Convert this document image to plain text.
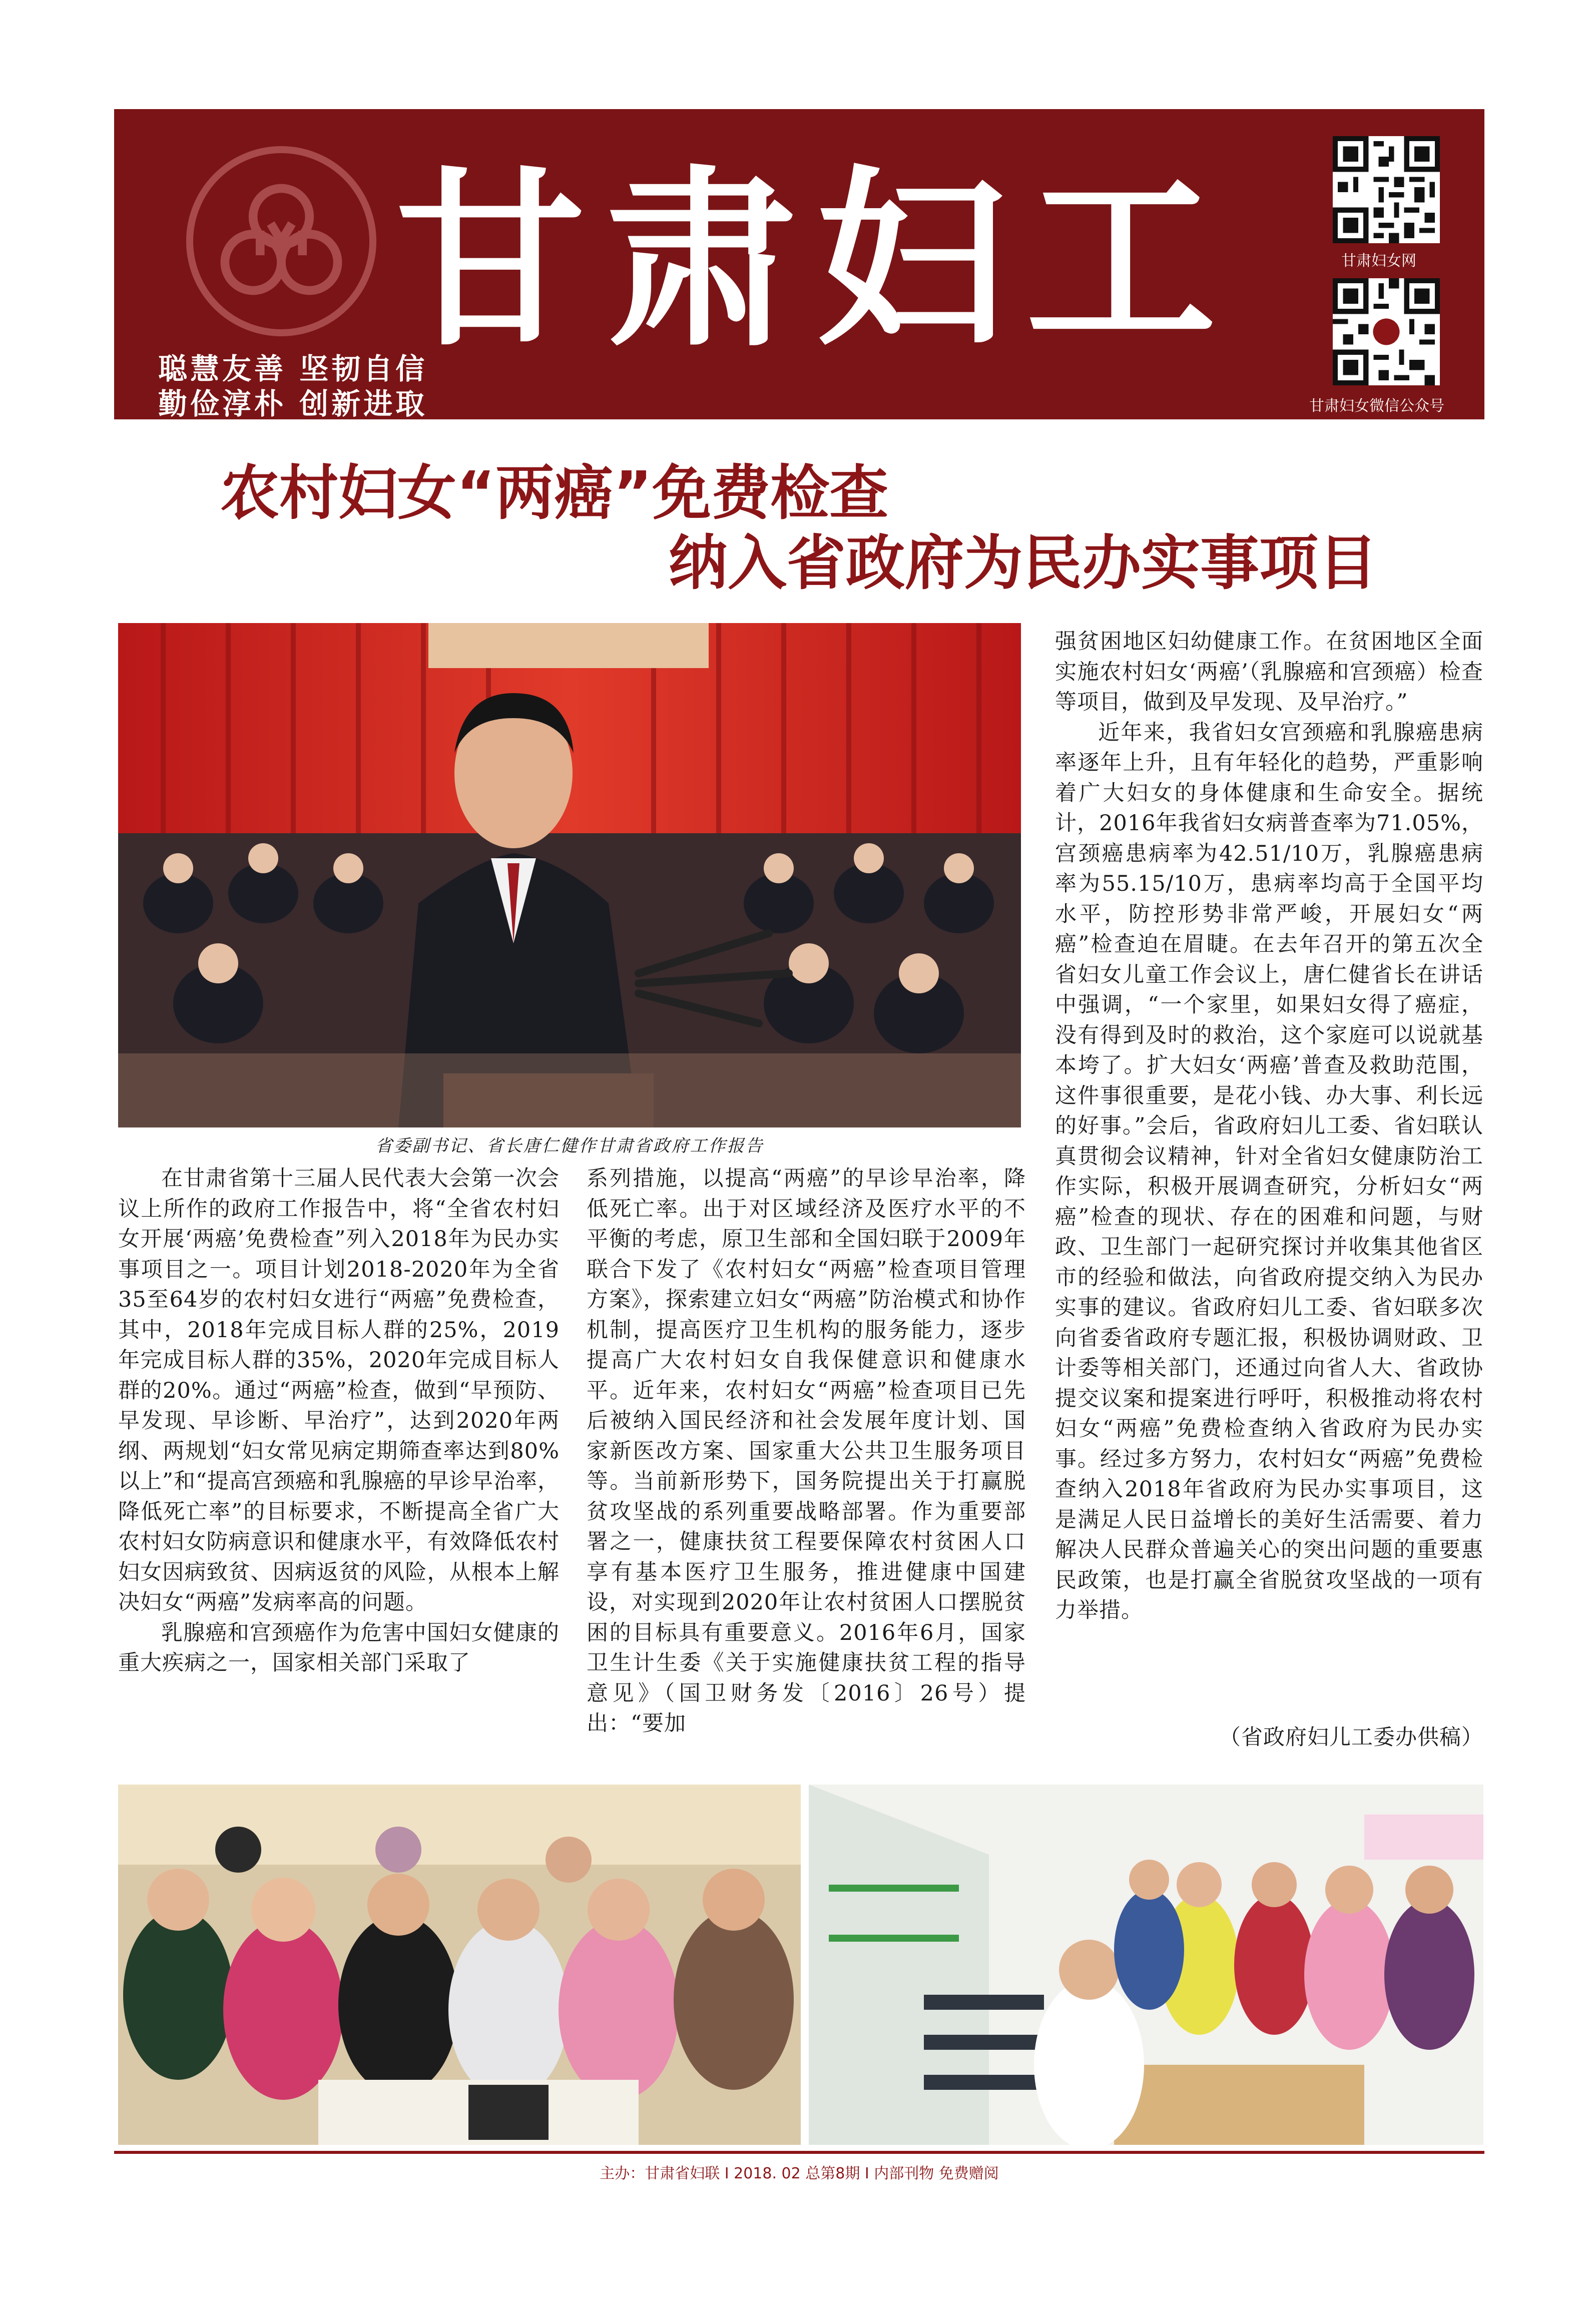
甘肃妇工
聪慧友善 坚韧自信
勤俭淳朴 创新进取
甘肃妇女网
甘肃妇女微信公众号
农村妇女“两癌”免费检查
纳入省政府为民办实事项目
省委副书记、省长唐仁健作甘肃省政府工作报告

在甘肃省第十三届人民代表大会第一次会议上所作的政府工作报告中，将“全省农村妇女开展‘两癌’免费检查”列入2018年为民办实事项目之一。项目计划2018-2020年为全省35至64岁的农村妇女进行“两癌”免费检查，其中，2018年完成目标人群的25%，2019年完成目标人群的35%，2020年完成目标人群的20%。通过“两癌”检查，做到“早预防、早发现、早诊断、早治疗”，达到2020年两纲、两规划“妇女常见病定期筛查率达到80%以上”和“提高宫颈癌和乳腺癌的早诊早治率，降低死亡率”的目标要求，不断提高全省广大农村妇女防病意识和健康水平，有效降低农村妇女因病致贫、因病返贫的风险，从根本上解决妇女“两癌”发病率高的问题。

乳腺癌和宫颈癌作为危害中国妇女健康的重大疾病之一，国家相关部门采取了

系列措施，以提高“两癌”的早诊早治率，降低死亡率。出于对区域经济及医疗水平的不平衡的考虑，原卫生部和全国妇联于2009年联合下发了《农村妇女“两癌”检查项目管理方案》，探索建立妇女“两癌”防治模式和协作机制，提高医疗卫生机构的服务能力，逐步提高广大农村妇女自我保健意识和健康水平。近年来，农村妇女“两癌”检查项目已先后被纳入国民经济和社会发展年度计划、国家新医改方案、国家重大公共卫生服务项目等。当前新形势下，国务院提出关于打赢脱贫攻坚战的系列重要战略部署。作为重要部署之一，健康扶贫工程要保障农村贫困人口享有基本医疗卫生服务，推进健康中国建设，对实现到2020年让农村贫困人口摆脱贫困的目标具有重要意义。2016年6月，国家卫生计生委《关于实施健康扶贫工程的指导意见》（国卫财务发〔2016〕26号）提出：“要加

强贫困地区妇幼健康工作。在贫困地区全面实施农村妇女‘两癌’（乳腺癌和宫颈癌）检查等项目，做到及早发现、及早治疗。”

近年来，我省妇女宫颈癌和乳腺癌患病率逐年上升，且有年轻化的趋势，严重影响着广大妇女的身体健康和生命安全。据统计，2016年我省妇女病普查率为71.05%，宫颈癌患病率为42.51/10万，乳腺癌患病率为55.15/10万，患病率均高于全国平均水平，防控形势非常严峻，开展妇女“两癌”检查迫在眉睫。在去年召开的第五次全省妇女儿童工作会议上，唐仁健省长在讲话中强调，“一个家里，如果妇女得了癌症，没有得到及时的救治，这个家庭可以说就基本垮了。扩大妇女‘两癌’普查及救助范围，这件事很重要，是花小钱、办大事、利长远的好事。”会后，省政府妇儿工委、省妇联认真贯彻会议精神，针对全省妇女健康防治工作实际，积极开展调查研究，分析妇女“两癌”检查的现状、存在的困难和问题，与财政、卫生部门一起研究探讨并收集其他省区市的经验和做法，向省政府提交纳入为民办实事的建议。省政府妇儿工委、省妇联多次向省委省政府专题汇报，积极协调财政、卫计委等相关部门，还通过向省人大、省政协提交议案和提案进行呼吁，积极推动将农村妇女“两癌”免费检查纳入省政府为民办实事。经过多方努力，农村妇女“两癌”免费检查纳入2018年省政府为民办实事项目，这是满足人民日益增长的美好生活需要、着力解决人民群众普遍关心的突出问题的重要惠民政策，也是打赢全省脱贫攻坚战的一项有力举措。

（省政府妇儿工委办供稿）
主办：甘肃省妇联 I 2018. 02 总第8期 I 内部刊物 免费赠阅
